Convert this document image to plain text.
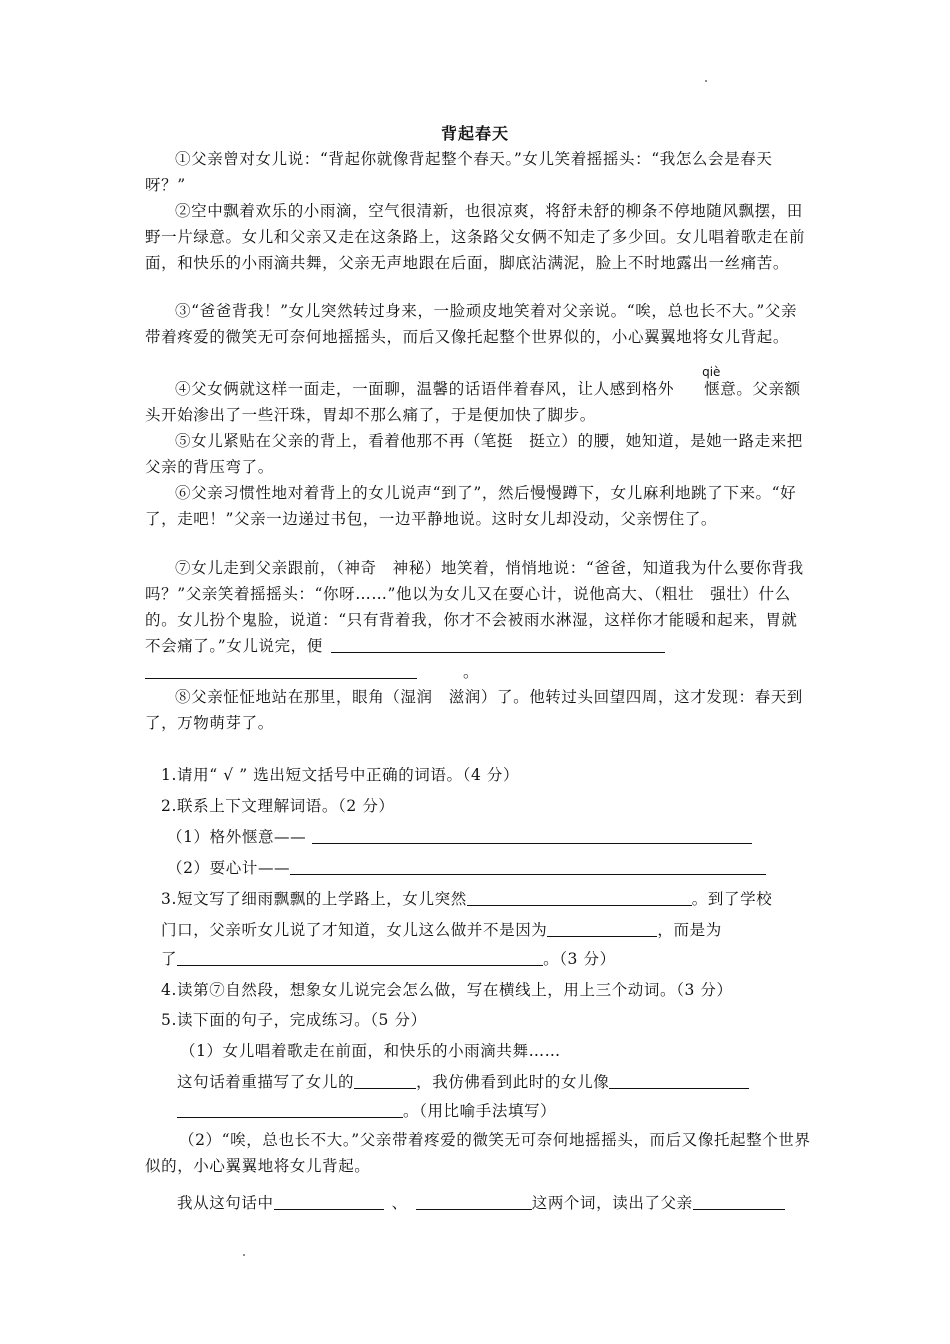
背起春天
①父亲曾对女儿说：“背起你就像背起整个春天。”女儿笑着摇摇头：“我怎么会是春天呀？”
②空中飘着欢乐的小雨滴，空气很清新，也很凉爽，将舒未舒的柳条不停地随风飘摆，田野一片绿意。女儿和父亲又走在这条路上，这条路父女俩不知走了多少回。女儿唱着歌走在前面，和快乐的小雨滴共舞，父亲无声地跟在后面，脚底沾满泥，脸上不时地露出一丝痛苦。
③“爸爸背我！”女儿突然转过身来，一脸顽皮地笑着对父亲说。“唉，总也长不大。”父亲带着疼爱的微笑无可奈何地摇摇头，而后又像托起整个世界似的，小心翼翼地将女儿背起。
④父女俩就这样一面走，一面聊，温馨的话语伴着春风，让人感到格外
qiè
惬意。父亲额头开始渗出了一些汗珠，胃却不那么痛了，于是便加快了脚步。
⑤女儿紧贴在父亲的背上，看着他那不再（笔挺　挺立）的腰，她知道，是她一路走来把父亲的背压弯了。
⑥父亲习惯性地对着背上的女儿说声“到了”，然后慢慢蹲下，女儿麻利地跳了下来。“好了，走吧！”父亲一边递过书包，一边平静地说。这时女儿却没动，父亲愣住了。
⑦女儿走到父亲跟前，（神奇　神秘）地笑着，悄悄地说：“爸爸，知道我为什么要你背我吗？”父亲笑着摇摇头：“你呀……”他以为女儿又在耍心计，说他高大、（粗壮　强壮）什么的。女儿扮个鬼脸，说道：“只有背着我，你才不会被雨水淋湿，这样你才能暖和起来，胃就不会痛了。”女儿说完，便
。
⑧父亲怔怔地站在那里，眼角（湿润　滋润）了。他转过头回望四周，这才发现：春天到了，万物萌芽了。
1.请用“ √ ” 选出短文括号中正确的词语。（4 分）
2.联系上下文理解词语。（2 分）
（1）格外惬意——
（2）耍心计——
3.短文写了细雨飘飘的上学路上，女儿突然	。到了学校
门口，父亲听女儿说了才知道，女儿这么做并不是因为	，而是为
了	。（3 分）
4.读第⑦自然段，想象女儿说完会怎么做，写在横线上，用上三个动词。（3 分）
5.读下面的句子，完成练习。（5 分）
（1）女儿唱着歌走在前面，和快乐的小雨滴共舞……
这句话着重描写了女儿的	，我仿佛看到此时的女儿像
。（用比喻手法填写）
（2）“唉，总也长不大。”父亲带着疼爱的微笑无可奈何地摇摇头，而后又像托起整个世界似的，小心翼翼地将女儿背起。
我从这句话中	、	这两个词，读出了父亲
